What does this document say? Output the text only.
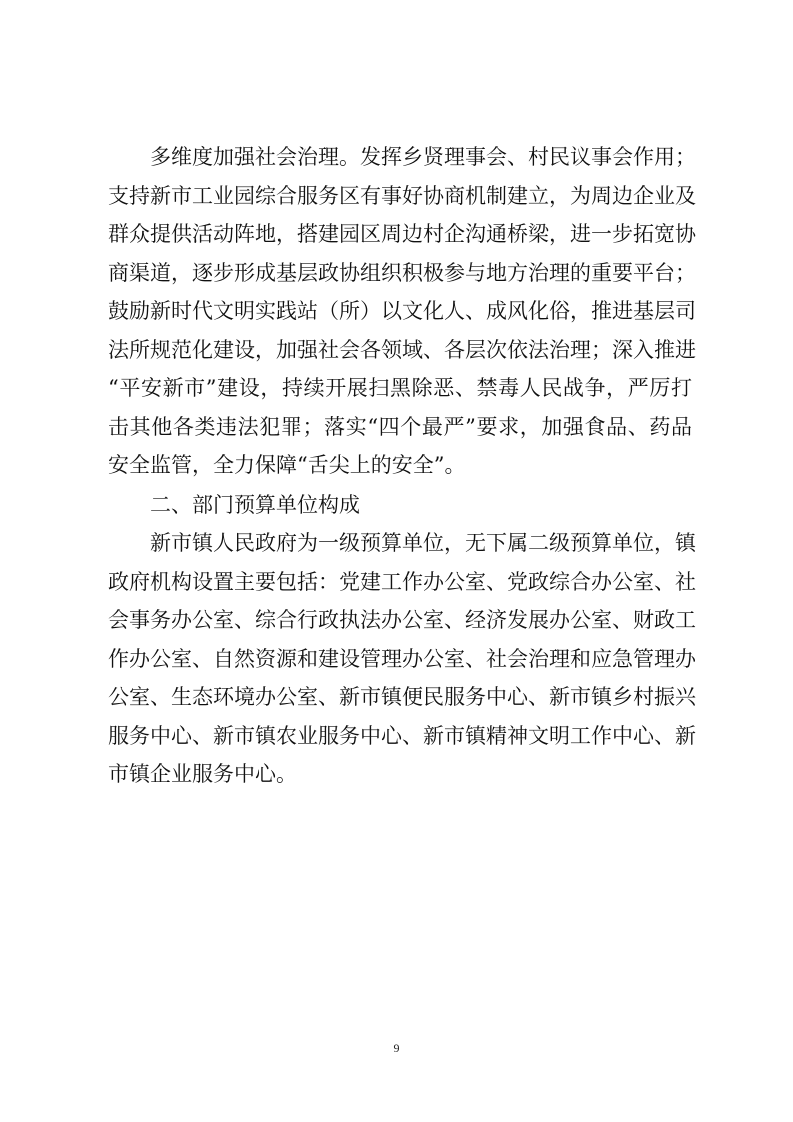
多维度加强社会治理。发挥乡贤理事会、村民议事会作用；
支持新市工业园综合服务区有事好协商机制建立，为周边企业及
群众提供活动阵地，搭建园区周边村企沟通桥梁，进一步拓宽协
商渠道，逐步形成基层政协组织积极参与地方治理的重要平台；
鼓励新时代文明实践站（所）以文化人、成风化俗，推进基层司
法所规范化建设，加强社会各领域、各层次依法治理；深入推进
“平安新市”建设，持续开展扫黑除恶、禁毒人民战争，严厉打
击其他各类违法犯罪；落实“四个最严”要求，加强食品、药品
安全监管，全力保障“舌尖上的安全”。
二、部门预算单位构成
新市镇人民政府为一级预算单位，无下属二级预算单位，镇
政府机构设置主要包括：党建工作办公室、党政综合办公室、社
会事务办公室、综合行政执法办公室、经济发展办公室、财政工
作办公室、自然资源和建设管理办公室、社会治理和应急管理办
公室、生态环境办公室、新市镇便民服务中心、新市镇乡村振兴
服务中心、新市镇农业服务中心、新市镇精神文明工作中心、新
市镇企业服务中心。
9
